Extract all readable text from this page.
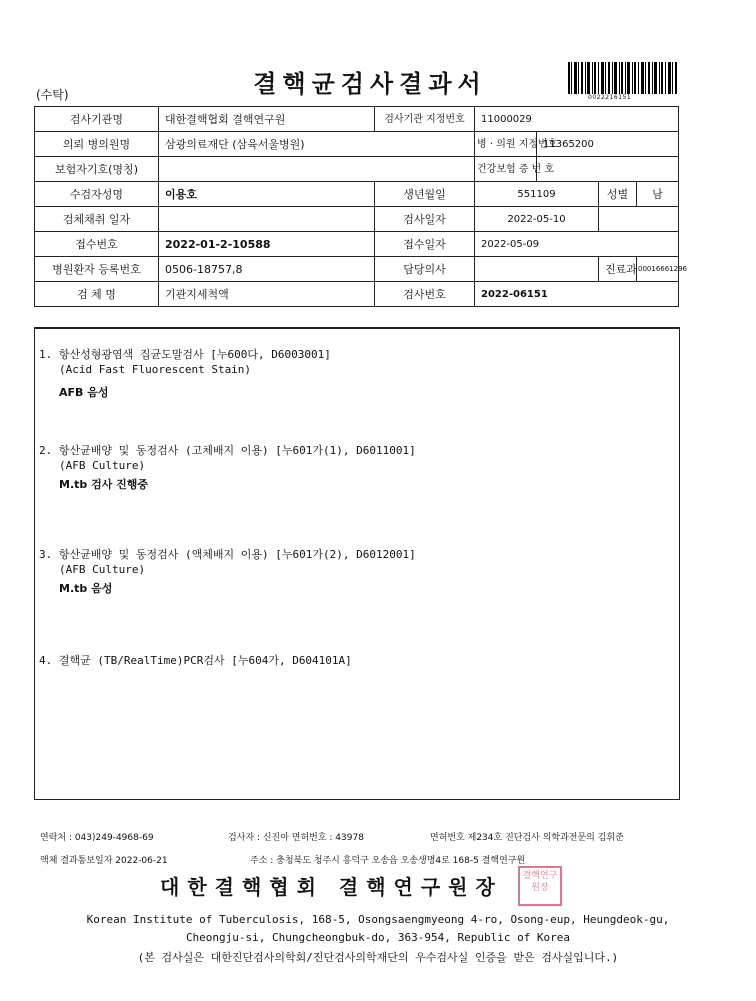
(수탁)	결핵균검사결과서	0022216151
검사기관명	대한결핵협회 결핵연구원	검사기관 지정번호	11000029			
의뢰 병의원명	삼광의료재단 (삼육서울병원)		병 · 의원 지정번호	11365200		
보험자기호(명칭)			건강보험 증 번 호			
수검자성명	이용호	생년월일	551109		성별	남
검체채취 일자		검사일자	2022-05-10			
접수번호	2022-01-2-10588	접수일자	2022-05-09			
병원환자 등록번호	0506-18757,8	담당의사			진료과	00016661296
검 체 명	기관지세척액	검사번호	2022-06151			
1. 항산성형광염색 집균도말검사 [누600다, D6003001]
(Acid Fast Fluorescent Stain)
AFB 음성
2. 항산균배양 및 동정검사 (고체배지 이용) [누601가(1), D6011001]
(AFB Culture)
M.tb 검사 진행중
3. 항산균배양 및 동정검사 (액체배지 이용) [누601가(2), D6012001]
(AFB Culture)
M.tb 음성
4. 결핵균 (TB/RealTime)PCR검사 [누604가, D604101A]
연락처 : 043)249-4968-69	검사자 : 신진아 면허번호 : 43978	면허번호 제234호 진단검사 의학과전문의 김휘준
액체 결과통보일자 2022-06-21	주소 : 충청북도 청주시 흥덕구 오송읍 오송생명4로 168-5 결핵연구원
대한결핵협회 결핵연구원장	결핵연구원장
Korean Institute of Tuberculosis, 168-5, Osongsaengmyeong 4-ro, Osong-eup, Heungdeok-gu,
Cheongju-si, Chungcheongbuk-do, 363-954, Republic of Korea
(본 검사실은 대한진단검사의학회/진단검사의학재단의 우수검사실 인증을 받은 검사실입니다.)
